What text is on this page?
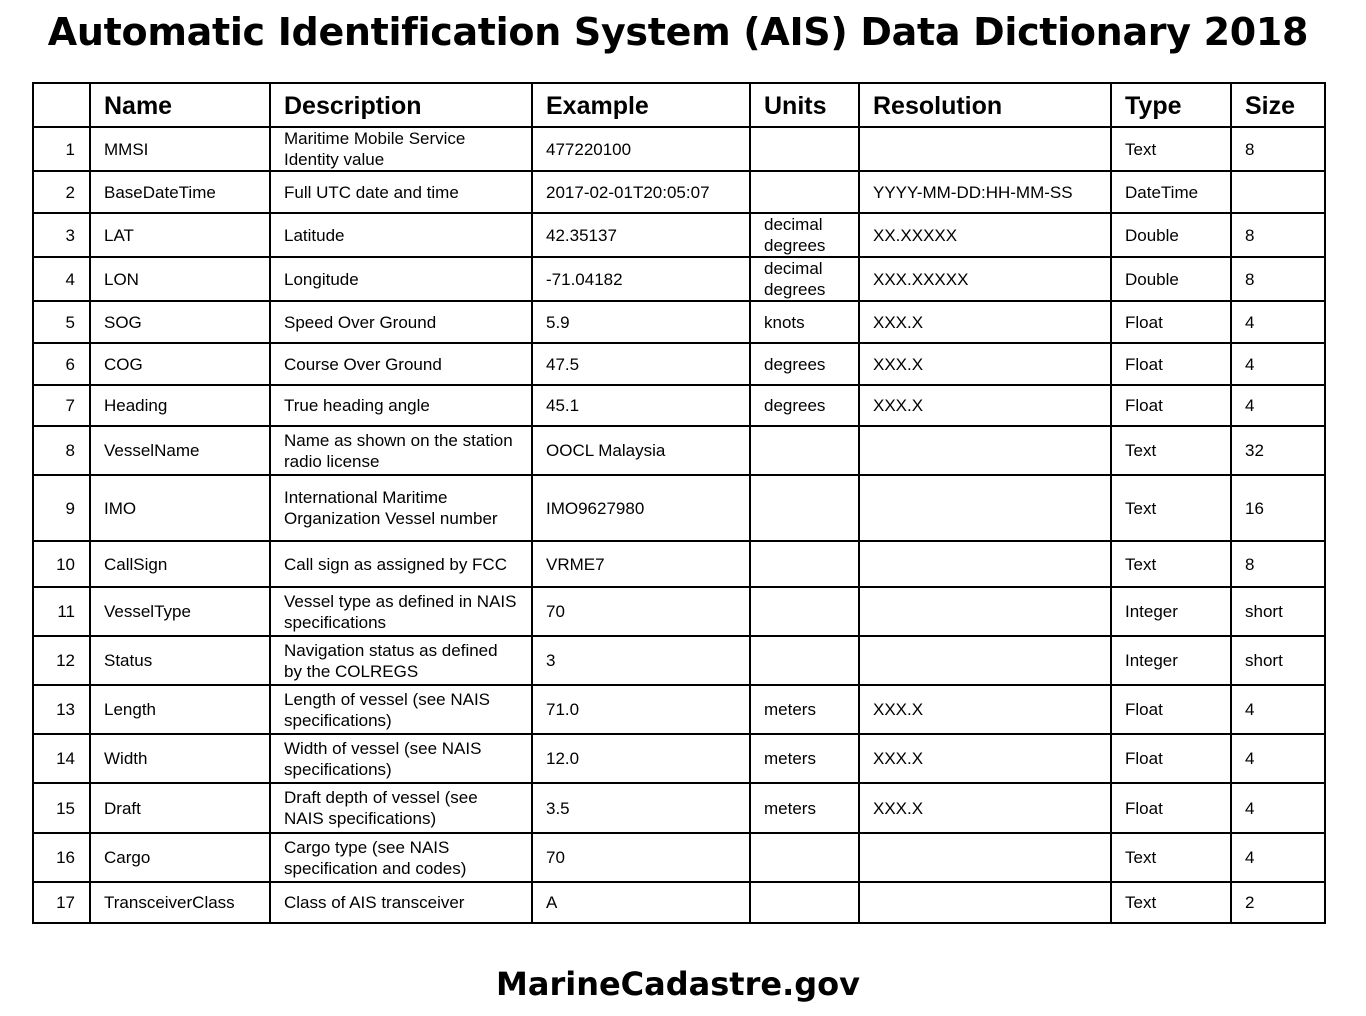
Automatic Identification System (AIS) Data Dictionary 2018
	Name	Description	Example	Units	Resolution	Type	Size
1	MMSI	Maritime Mobile Service Identity value	477220100			Text	8
2	BaseDateTime	Full UTC date and time	2017-02-01T20:05:07		YYYY-MM-DD:HH-MM-SS	DateTime	
3	LAT	Latitude	42.35137	decimal degrees	XX.XXXXX	Double	8
4	LON	Longitude	-71.04182	decimal degrees	XXX.XXXXX	Double	8
5	SOG	Speed Over Ground	5.9	knots	XXX.X	Float	4
6	COG	Course Over Ground	47.5	degrees	XXX.X	Float	4
7	Heading	True heading angle	45.1	degrees	XXX.X	Float	4
8	VesselName	Name as shown on the station radio license	OOCL Malaysia			Text	32
9	IMO	International Maritime Organization Vessel number	IMO9627980			Text	16
10	CallSign	Call sign as assigned by FCC	VRME7			Text	8
11	VesselType	Vessel type as defined in NAIS specifications	70			Integer	short
12	Status	Navigation status as defined by the COLREGS	3			Integer	short
13	Length	Length of vessel (see NAIS specifications)	71.0	meters	XXX.X	Float	4
14	Width	Width of vessel (see NAIS specifications)	12.0	meters	XXX.X	Float	4
15	Draft	Draft depth of vessel (see NAIS specifications)	3.5	meters	XXX.X	Float	4
16	Cargo	Cargo type (see NAIS specification and codes)	70			Text	4
17	TransceiverClass	Class of AIS transceiver	A			Text	2
MarineCadastre.gov
